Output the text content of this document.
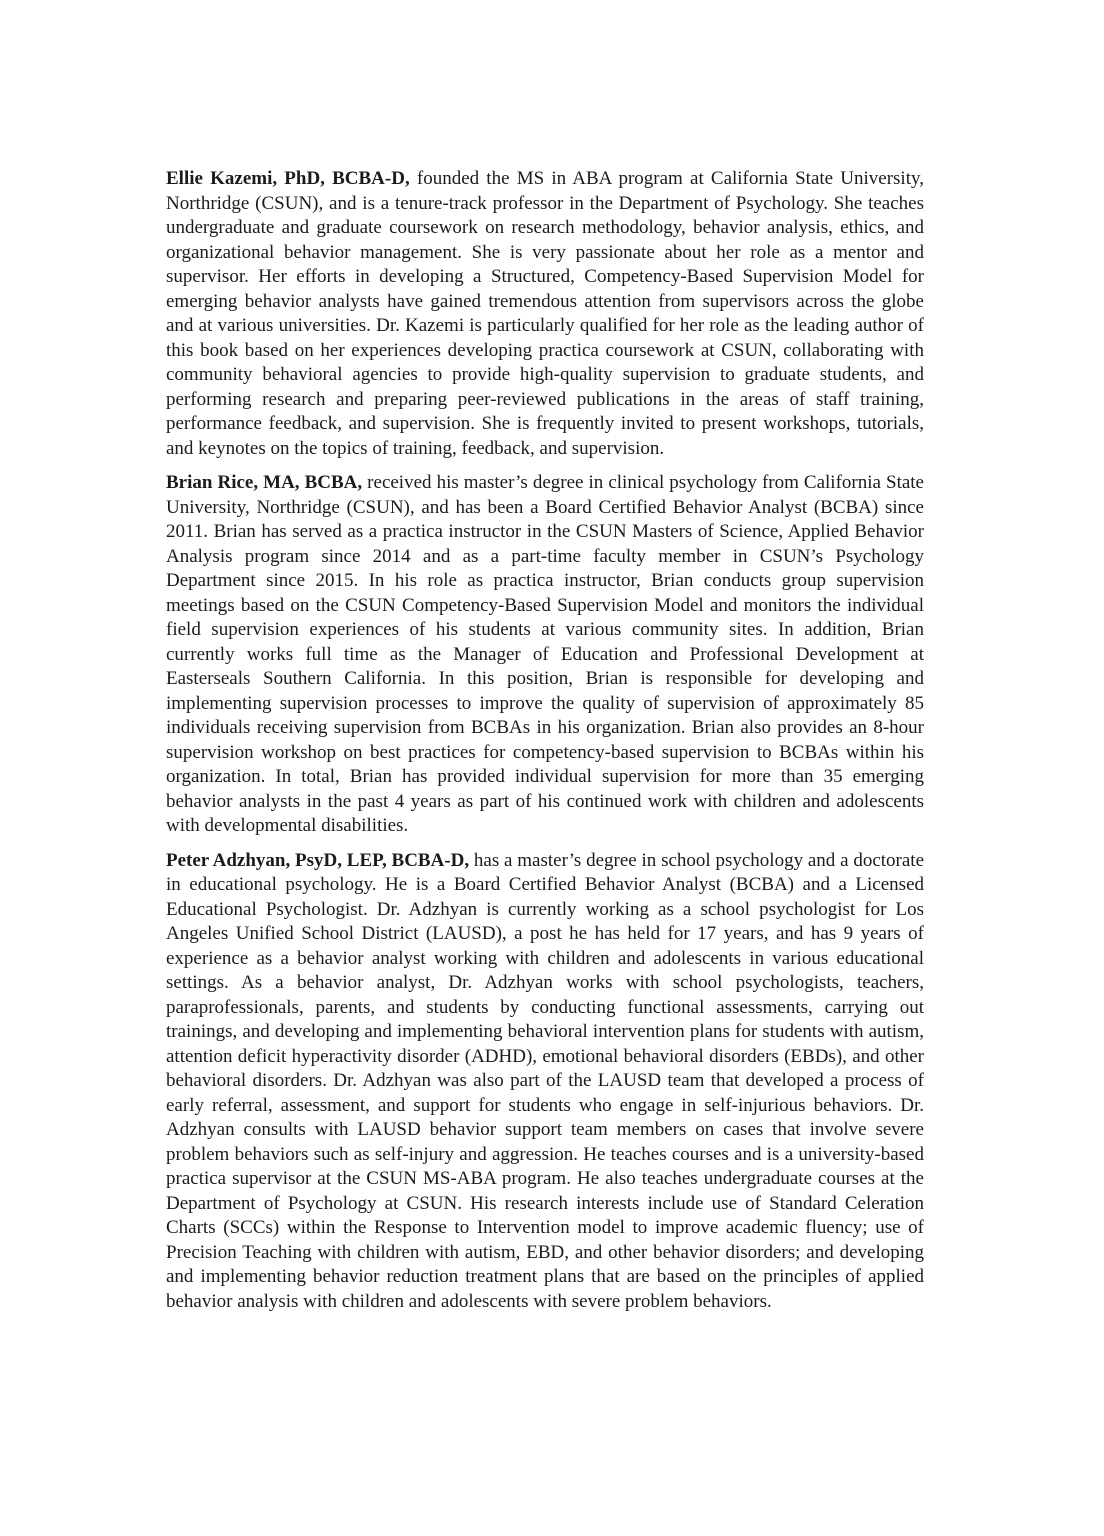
Ellie Kazemi, PhD, BCBA-D, founded the MS in ABA program at California State University, Northridge (CSUN), and is a tenure-track professor in the Department of Psychology. She teaches undergraduate and graduate coursework on research methodology, behavior analysis, ethics, and organizational behavior management. She is very passionate about her role as a mentor and supervisor. Her efforts in developing a Structured, Competency-Based Supervision Model for emerging behavior analysts have gained tremendous attention from supervisors across the globe and at various universities. Dr. Kazemi is particularly qualified for her role as the leading author of this book based on her experiences developing practica coursework at CSUN, collaborating with community behavioral agencies to provide high-quality supervision to graduate students, and performing research and preparing peer-reviewed publications in the areas of staff training, performance feedback, and supervision. She is frequently invited to present workshops, tutorials, and keynotes on the topics of training, feedback, and supervision.

Brian Rice, MA, BCBA, received his master’s degree in clinical psychology from California State University, Northridge (CSUN), and has been a Board Certified Behavior Analyst (BCBA) since 2011. Brian has served as a practica instructor in the CSUN Masters of Science, Applied Behavior Analysis program since 2014 and as a part-time faculty member in CSUN’s Psychology Department since 2015. In his role as practica instructor, Brian conducts group supervision meetings based on the CSUN Competency-Based Supervision Model and monitors the individual field supervision experiences of his students at various community sites. In addition, Brian currently works full time as the Manager of Education and Professional Development at Easterseals Southern California. In this position, Brian is responsible for developing and implementing supervision processes to improve the quality of supervision of approximately 85 individuals receiving supervision from BCBAs in his organization. Brian also provides an 8-hour supervision workshop on best practices for competency-based supervision to BCBAs within his organization. In total, Brian has provided individual supervision for more than 35 emerging behavior analysts in the past 4 years as part of his continued work with children and adolescents with developmental disabilities.

Peter Adzhyan, PsyD, LEP, BCBA-D, has a master’s degree in school psychology and a doctorate in educational psychology. He is a Board Certified Behavior Analyst (BCBA) and a Licensed Educational Psychologist. Dr. Adzhyan is currently working as a school psychologist for Los Angeles Unified School District (LAUSD), a post he has held for 17 years, and has 9 years of experience as a behavior analyst working with children and adolescents in various educational settings. As a behavior analyst, Dr. Adzhyan works with school psychologists, teachers, paraprofessionals, parents, and students by conducting functional assessments, carrying out trainings, and developing and implementing behavioral intervention plans for students with autism, attention deficit hyperactivity disorder (ADHD), emotional behavioral disorders (EBDs), and other behavioral disorders. Dr. Adzhyan was also part of the LAUSD team that developed a process of early referral, assessment, and support for students who engage in self-injurious behaviors. Dr. Adzhyan consults with LAUSD behavior support team members on cases that involve severe problem behaviors such as self-injury and aggression. He teaches courses and is a university-based practica supervisor at the CSUN MS-ABA program. He also teaches undergraduate courses at the Department of Psychology at CSUN. His research interests include use of Standard Celeration Charts (SCCs) within the Response to Intervention model to improve academic fluency; use of Precision Teaching with children with autism, EBD, and other behavior disorders; and developing and implementing behavior reduction treatment plans that are based on the principles of applied behavior analysis with children and adolescents with severe problem behaviors.
